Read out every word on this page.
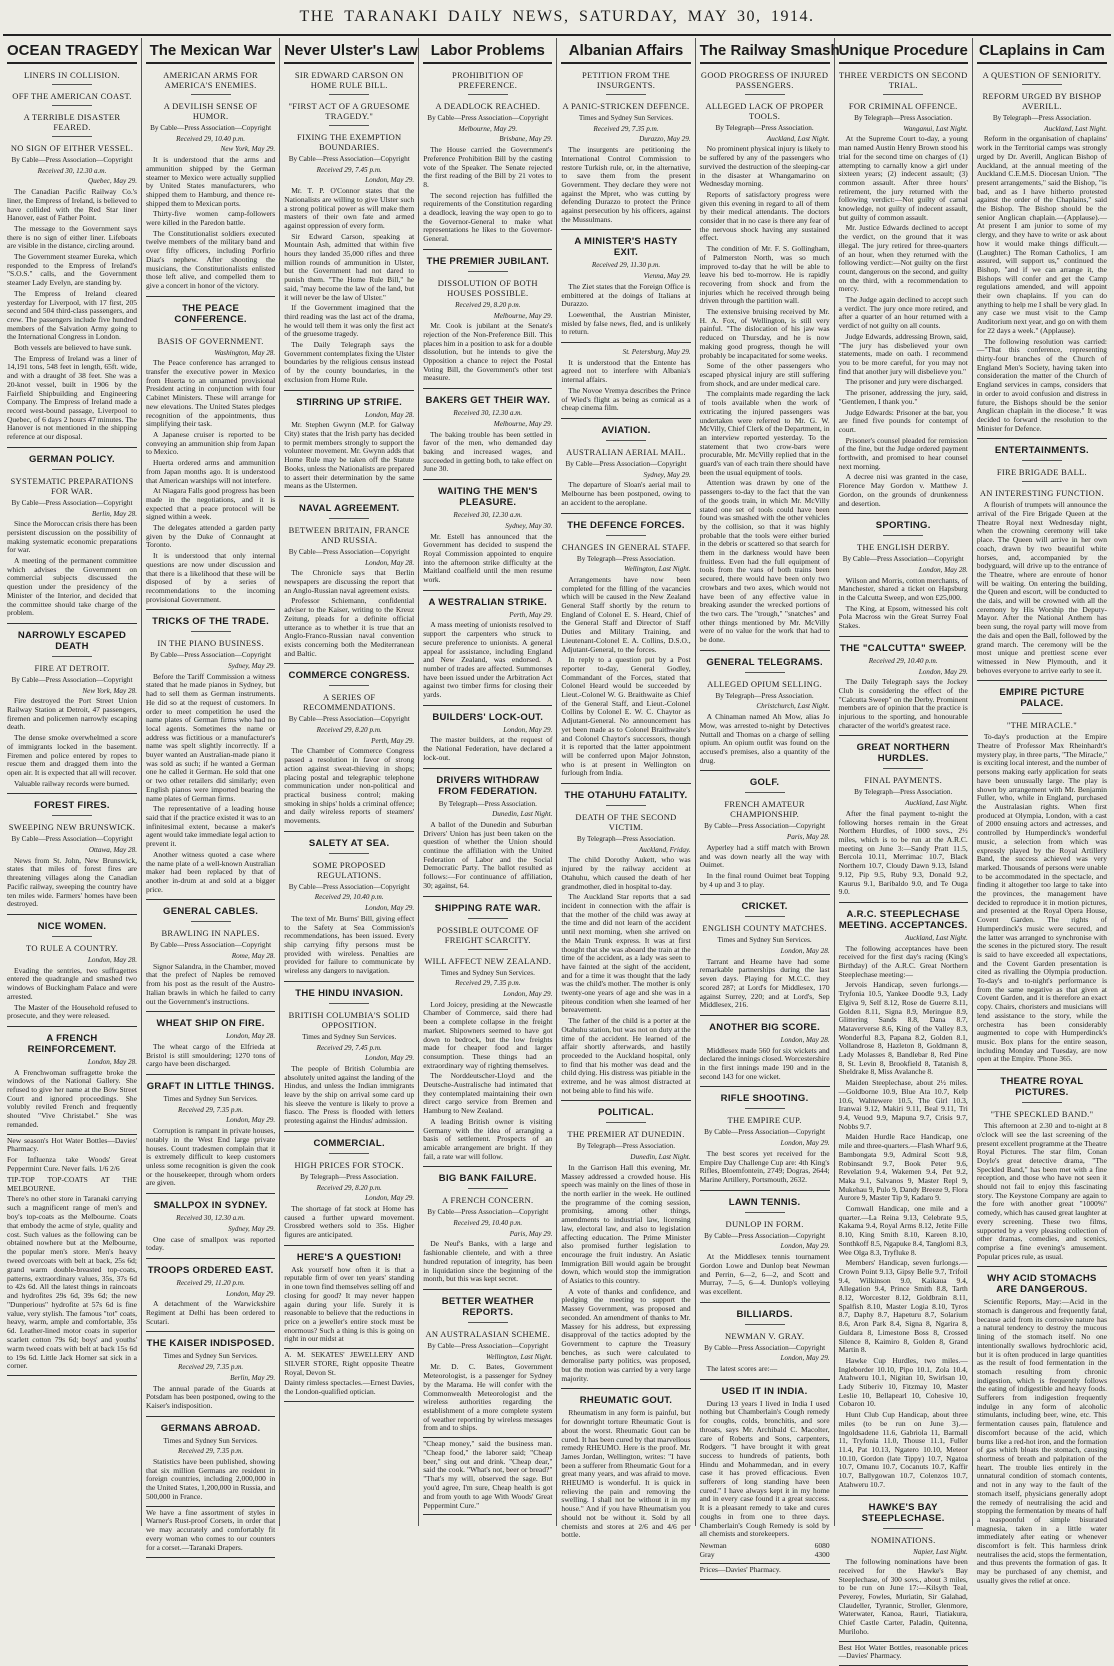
THE TARANAKI DAILY NEWS, SATURDAY, MAY 30, 1914.
OCEAN TRAGEDY
LINERS IN COLLISION.
OFF THE AMERICAN COAST.
A TERRIBLE DISASTER FEARED.
NO SIGN OF EITHER VESSEL.

By Cable—Press Association—Copyright

Received 30, 12.30 a.m.

Quebec, May 29.

The Canadian Pacific Railway Co.'s liner, the Empress of Ireland, is believed to have collided with the Red Star liner Hanover, east of Father Point.

The message to the Government says there is no sign of either liner. Lifeboats are visible in the distance, circling around.

The Government steamer Eureka, which responded to the Empress of Ireland's "S.O.S." calls, and the Government steamer Lady Evelyn, are standing by.

The Empress of Ireland cleared yesterday for Liverpool, with 17 first, 205 second and 504 third-class passengers, and crew. The passengers include five hundred members of the Salvation Army going to the International Congress in London.

Both vessels are believed to have sunk.

The Empress of Ireland was a liner of 14,191 tons, 548 feet in length, 65ft. wide, and with a draught of 38 feet. She was a 20-knot vessel, built in 1906 by the Fairfield Shipbuilding and Engineering Company. The Empress of Ireland made a record west-bound passage, Liverpool to Quebec, of 6 days 2 hours 47 minutes. The Hanover is not mentioned in the shipping reference at our disposal.

GERMAN POLICY.
SYSTEMATIC PREPARATIONS FOR WAR.

By Cable—Press Association—Copyright

Berlin, May 28.

Since the Moroccan crisis there has been persistent discussion on the possibility of making systematic economic preparations for war.

A meeting of the permanent committee which advises the Government on commercial subjects discussed the question under the presidency of the Minister of the Interior, and decided that the committee should take charge of the problem.

NARROWLY ESCAPED DEATH
FIRE AT DETROIT.

By Cable—Press Association—Copyright

New York, May 28.

Fire destroyed the Port Street Union Railway Station at Detroit, 47 passengers, firemen and policemen narrowly escaping death.

The dense smoke overwhelmed a score of immigrants locked in the basement. Firemen and police entered by ropes to rescue them and dragged them into the open air. It is expected that all will recover.

Valuable railway records were burned.

FOREST FIRES.
SWEEPING NEW BRUNSWICK.

By Cable—Press Association—Copyright

Ottawa, May 28.

News from St. John, New Brunswick, states that miles of forest fires are threatening villages along the Canadian Pacific railway, sweeping the country have ten miles wide. Farmers' homes have been destroyed.

NICE WOMEN.
TO RULE A COUNTRY.

London, May 28.

Evading the sentries, two suffragettes entered the quadrangle and smashed two windows of Buckingham Palace and were arrested.

The Master of the Household refused to prosecute, and they were released.

A FRENCH REINFORCEMENT.

London, May 28.

A Frenchwoman suffragette broke the windows of the National Gallery. She refused to give her name at the Bow Street Court and ignored proceedings. She volubly reviled French and frequently shouted "Vive Christabel." She was remanded.

New season's Hot Water Bottles—Davies' Pharmacy.

For Influenza take Woods' Great Peppermint Cure. Never fails. 1/6 2/6

TIP-TOP TOP-COATS AT THE MELBOURNE.

There's no other store in Taranaki carrying such a magnificent range of men's and boy's top-coats as the Melbourne. Coats that embody the acme of style, quality and cost. Such values as the following can be obtained nowhere but at the Melbourne, the popular men's store. Men's heavy tweed overcoats with belt at back, 25s 6d; grand warm double-breasted top-coats, patterns, extraordinary values, 35s, 37s 6d to 42s 6d. All the latest things in raincoats and hydrofites 29s 6d, 39s 6d; the new "Dunperious" hydrofite at 57s 6d is fine value, very stylish. The famous "tot" coats, heavy, warm, ample and comfortable, 35s 6d. Leather-lined motor coats in superior scarlett cotton 79s 6d; boys' and youths' warm tweed coats with belt at back 15s 6d to 19s 6d. Little Jack Horner sat sick in a corner.

The Mexican War
AMERICAN ARMS FOR AMERICA'S ENEMIES.
A DEVILISH SENSE OF HUMOR.

By Cable—Press Association—Copyright

Received 29, 10.40 p.m.

New York, May 29.

It is understood that the arms and ammunition shipped by the German steamer to Mexico were actually supplied by United States manufacturers, who shipped them to Hamburg, and thence re-shipped them to Mexican ports.

Thirty-five women camp-followers were killed in the Paredon battle.

The Constitutionalist soldiers executed twelve members of the military band and over fifty officers, including Porfirio Diaz's nephew. After shooting the musicians, the Constitutionalists enlisted those left alive, and compelled them to give a concert in honor of the victory.

THE PEACE CONFERENCE.
BASIS OF GOVERNMENT.

Washington, May 28.

The Peace conference has arranged to transfer the executive power in Mexico from Huerta to an unnamed provisional President acting in conjunction with four Cabinet Ministers. These will arrange for new elevations. The United States pledges recognition of the appointments, thus simplifying their task.

A Japanese cruiser is reported to be conveying an ammunition ship from Japan to Mexico.

Huerta ordered arms and ammunition from Japan months ago. It is understood that American warships will not interfere.

At Niagara Falls good progress has been made in the negotiations, and it is expected that a peace protocol will be signed within a week.

The delegates attended a garden party given by the Duke of Connaught at Toronto.

It is understood that only internal questions are now under discussion and that there is a likelihood that these will be disposed of by a series of recommendations to the incoming provisional Government.

TRICKS OF THE TRADE.
IN THE PIANO BUSINESS.

By Cable—Press Association—Copyright

Sydney, May 29.

Before the Tariff Commission a witness stated that he made pianos in Sydney, but had to sell them as German instruments. He did so at the request of customers. In order to meet competition he used the name plates of German firms who had no local agents. Sometimes the name or address was fictitious or a manufacturer's name was spelt slightly incorrectly. If a buyer wanted an Australian-made piano it was sold as such; if he wanted a German one he called it German. He sold that one or two other retailers did similarly; even English pianos were imported bearing the name plates of German firms.

The representative of a leading house said that if the practice existed it was to an infinitesimal extent, because a maker's agent would take immediate legal action to prevent it.

Another witness quoted a case where the name plate of a well-known Australian maker had been replaced by that of another in-drum at and sold at a bigger price.

GENERAL CABLES.
BRAWLING IN NAPLES.

By Cable—Press Association—Copyright

Rome, May 28.

Signor Salandra, in the Chamber, moved that the prefect of Naples be removed from his post as the result of the Austro-Italian brawls in which he failed to carry out the Government's instructions.

WHEAT SHIP ON FIRE.

London, May 28.

The wheat cargo of the Elfrieda at Bristol is still smouldering; 1270 tons of cargo have been discharged.

GRAFT IN LITTLE THINGS.

Times and Sydney Sun Services.

Received 29, 7.35 p.m.

London, May 29.

Corruption is rampant in private houses, notably in the West End large private houses. Count tradesmen complain that it is extremely difficult to keep customers unless some recognition is given the cook or the housekeeper, through whom orders are given.

SMALLPOX IN SYDNEY.

Received 30, 12.30 a.m.

Sydney, May 29.

One case of smallpox was reported today.

TROOPS ORDERED EAST.

Received 29, 11.20 p.m.

London, May 29.

A detachment of the Warwickshire Regiment at Delhi has been ordered to Scutari.

THE KAISER INDISPOSED.

Times and Sydney Sun Services.

Received 29, 7.35 p.m.

Berlin, May 29.

The annual parade of the Guards at Potsdam has been postponed, owing to the Kaiser's indisposition.

GERMANS ABROAD.

Times and Sydney Sun Services.

Received 29, 7.35 p.m.

Statistics have been published, showing that six million Germans are resident in foreign countries, including 2,000,000 in the United States, 1,200,000 in Russia, and 500,000 in France.

We have a fine assortment of styles in Warner's Rust-proof Corsets, in order that we may accurately and comfortably fit every woman who comes to our counters for a corset.—Taranaki Drapers.

Never Ulster's Law
SIR EDWARD CARSON ON HOME RULE BILL.
"FIRST ACT OF A GRUESOME TRAGEDY."
FIXING THE EXEMPTION BOUNDARIES.

By Cable—Press Association—Copyright

Received 29, 7.45 p.m.

London, May 29.

Mr. T. P. O'Connor states that the Nationalists are willing to give Ulster such a strong political power as will make them masters of their own fate and armed against oppression of every form.

Sir Edward Carson, speaking at Mountain Ash, admitted that within five hours they landed 35,000 rifles and three million rounds of ammunition in Ulster, but the Government had not dared to punish them. "The Home Rule Bill," he said, "may become the law of the land, but it will never be the law of Ulster."

If the Government imagined that the third reading was the last act of the drama, he would tell them it was only the first act of the gruesome tragedy.

The Daily Telegraph says the Government contemplates fixing the Ulster boundaries by the religious census instead of by the county boundaries, in the exclusion from Home Rule.

STIRRING UP STRIFE.

London, May 28.

Mr. Stephen Gwynn (M.P. for Galway City) states that the Irish party has decided to permit members strongly to support the volunteer movement. Mr. Gwynn adds that Home Rule may be taken off the Statute Books, unless the Nationalists are prepared to assert their determination by the same means as the Ulstermen.

NAVAL AGREEMENT.
BETWEEN BRITAIN, FRANCE AND RUSSIA.

By Cable—Press Association—Copyright

London, May 28.

The Chronicle says that Berlin newspapers are discussing the report that an Anglo-Russian naval agreement exists.

Professor Schiemann, confidential adviser to the Kaiser, writing to the Kreuz Zeitung, pleads for a definite official utterance as to whether it is true that an Anglo-Franco-Russian naval convention exists concerning both the Mediterranean and Baltic.

COMMERCE CONGRESS.
A SERIES OF RECOMMENDATIONS.

By Cable—Press Association—Copyright

Received 29, 8.20 p.m.

Perth, May 29.

The Chamber of Commerce Congress passed a resolution in favor of strong action against sweat-thieving in shops; placing postal and telegraphic telephone communication under non-political and practical business control; making smoking in ships' holds a criminal offence; and daily wireless reports of steamers' movements.

SALETY AT SEA.
SOME PROPOSED REGULATIONS.

By Cable—Press Association—Copyright

Received 29, 10.40 p.m.

London, May 29.

The text of Mr. Burns' Bill, giving effect to the Safety at Sea Commission's recommendations, has been issued. Every ship carrying fifty persons must be provided with wireless. Penalties are provided for failure to communicate by wireless any dangers to navigation.

THE HINDU INVASION.
BRITISH COLUMBIA'S SOLID OPPOSITION.

Times and Sydney Sun Services.

Received 29, 7.45 p.m.

London, May 29.

The people of British Columbia are absolutely united against the landing of the Hindus, and unless the Indian immigrants leave by the ship on arrival some card up his sleeve the venture is likely to prove a fiasco. The Press is flooded with letters protesting against the Hindus' admission.

COMMERCIAL.
HIGH PRICES FOR STOCK.

By Telegraph—Press Association.

Received 29, 8.20 p.m.

London, May 29.

The shortage of fat stock at Home has caused a further upward movement. Crossbred wethers sold to 35s. Higher figures are anticipated.

HERE'S A QUESTION!

Ask yourself how often it is that a reputable firm of over ten years' standing in one town find themselves selling off and closing for good? It may never happen again during your life. Surely it is reasonable to believe that the reductions in price on a jeweller's entire stock must be enormous? Such a thing is this is going on right in our midst at

A. M. SEKATES' JEWELLERY AND SILVER STORE, Right opposite Theatre Royal, Devon St.

Dainty rimless spectacles.—Ernest Davies, the London-qualified optician.

Labor Problems
PROHIBITION OF PREFERENCE.
A DEADLOCK REACHED.

By Cable—Press Association—Copyright

Melbourne, May 29.

Brisbane, May 29.

The House carried the Government's Preference Prohibition Bill by the casting vote of the Speaker. The Senate rejected the first reading of the Bill by 21 votes to 8.

The second rejection has fulfilled the requirements of the Constitution regarding a deadlock, leaving the way open to go to the Governor-General to make what representations he likes to the Governor-General.

THE PREMIER JUBILANT.
DISSOLUTION OF BOTH HOUSES POSSIBLE.

Received 29, 8.20 p.m.

Melbourne, May 29.

Mr. Cook is jubilant at the Senate's rejection of the Non-Preference Bill. This places him in a position to ask for a double dissolution, but he intends to give the Opposition a chance to reject the Postal Voting Bill, the Government's other test measure.

BAKERS GET THEIR WAY.

Received 30, 12.30 a.m.

Melbourne, May 29.

The baking trouble has been settled in favor of the men, who demanded day baking and increased wages, and succeeded in getting both, to take effect on June 30.

WAITING THE MEN'S PLEASURE.

Received 30, 12.30 a.m.

Sydney, May 30.

Mr. Estell has announced that the Government has decided to suspend the Royal Commission appointed to enquire into the afternoon strike difficulty at the Maitland coalfield until the men resume work.

A WESTRALIAN STRIKE.

Perth, May 29.

A mass meeting of unionists resolved to support the carpenters who struck to secure preference to unionists. A general appeal for assistance, including England and New Zealand, was endorsed. A number of trades are affected. Summonses have been issued under the Arbitration Act against two timber firms for closing their yards.

BUILDERS' LOCK-OUT.

London, May 29.

The master builders, at the request of the National Federation, have declared a lock-out.

DRIVERS WITHDRAW FROM FEDERATION.

By Telegraph—Press Association.

Dunedin, Last Night.

A ballot of the Dunedin and Suburban Drivers' Union has just been taken on the question of whether the Union should continue the affiliation with the United Federation of Labor and the Social Democratic Party. The ballot resulted as follows:—For continuance of affiliation, 30; against, 64.

SHIPPING RATE WAR.
POSSIBLE OUTCOME OF FREIGHT SCARCITY.
WILL AFFECT NEW ZEALAND.

Times and Sydney Sun Services.

Received 29, 7.35 p.m.

London, May 29.

Lord Joicey, presiding at the Newcastle Chamber of Commerce, said there had been a complete collapse in the freight market. Shipowners seemed to have got down to bedrock, but the low freights made for cheaper food and larger consumption. These things had an extraordinary way of righting themselves.

The Norddeutscher-Lloyd and the Deutsche-Australische had intimated that they contemplated maintaining their own direct cargo service from Bremen and Hamburg to New Zealand.

A leading British owner is visiting Germany with the idea of arranging a basis of settlement. Prospects of an amicable arrangement are bright. If they fail, a rate war will follow.

BIG BANK FAILURE.
A FRENCH CONCERN.

By Cable—Press Association—Copyright

Received 29, 10.40 p.m.

Paris, May 29.

De Neuf's Banks, with a large and fashionable clientele, and with a three hundred reputation of integrity, has been in liquidation since the beginning of the month, but this was kept secret.

BETTER WEATHER REPORTS.
AN AUSTRALASIAN SCHEME.

By Cable—Press Association—Copyright

Wellington, Last Night.

Mr. D. C. Bates, Government Meteorologist, is a passenger for Sydney by the Marama. He will confer with the Commonwealth Meteorologist and the wireless authorities regarding the establishment of a more complete system of weather reporting by wireless messages from and to ships.

"Cheap money," said the business man. "Cheap food," the laborer said; "Cheap beer," sing out and drink. "Cheap dear," said the cook. "What's not, beer or bread?" "That's my will, observed the sage. But you'd agree, I'm sure, Cheap health is got and from youth to age With Woods' Great Peppermint Cure."

Albanian Affairs
PETITION FROM THE INSURGENTS.
A PANIC-STRICKEN DEFENCE.

Times and Sydney Sun Services.

Received 29, 7.35 p.m.

Durazzo, May 29.

The insurgents are petitioning the International Control Commission to restore Turkish rule, or, in the alternative, to save them from the present Government. They declare they were not against the Mpret, who was cutting by defending Durazzo to protect the Prince against persecution by his officers, against the Mussulmans.

A MINISTER'S HASTY EXIT.

Received 29, 11.30 p.m.

Vienna, May 29.

The Ziet states that the Foreign Office is embittered at the doings of Italians at Durazzo.

Loewenthal, the Austrian Minister, misled by false news, fled, and is unlikely to return.

St. Petersburg, May 29.

It is understood that the Entente has agreed not to interfere with Albania's internal affairs.

The Novoe Vremya describes the Prince of Wied's flight as being as comical as a cheap cinema film.

AVIATION.
AUSTRALIAN AERIAL MAIL.

By Cable—Press Association—Copyright

Sydney, May 29.

The departure of Sloan's aerial mail to Melbourne has been postponed, owing to an accident to the aeroplane.

THE DEFENCE FORCES.
CHANGES IN GENERAL STAFF.

By Telegraph—Press Association.

Wellington, Last Night.

Arrangements have now been completed for the filling of the vacancies which will be caused in the New Zealand General Staff shortly by the return to England of Colonel E. S. Heard, Chief of the General Staff and Director of Staff Duties and Military Training, and Lieutenant-Colonel E. A. Collins, D.S.O., Adjutant-General, to the forces.

In reply to a question put by a Post reporter to-day, General Godley, Commandant of the Forces, stated that Colonel Heard would be succeeded by Lieut.-Colonel W. G. Braithwaite as Chief of the General Staff, and Lieut.-Colonel Collins by Colonel E. W. C. Chaytor as Adjutant-General. No announcement has yet been made as to Colonel Braithwaite's and Colonel Chaytor's successors, though it is reported that the latter appointment will be conferred upon Major Johnston, who is at present in Wellington on furlough from India.

THE OTAHUHU FATALITY.
DEATH OF THE SECOND VICTIM.

By Telegraph—Press Association.

Auckland, Friday.

The child Dorothy Aukett, who was injured by the railway accident at Otahuhu, which caused the death of her grandmother, died in hospital to-day.

The Auckland Star reports that a sad incident in connection with the affair is that the mother of the child was away at the time and did not learn of the accident until next morning, when she arrived on the Main Trunk express. It was at first thought that she was aboard the train at the time of the accident, as a lady was seen to have fainted at the sight of the accident, and for a time it was thought that the lady was the child's mother. The mother is only twenty-one years of age and she was in a piteous condition when she learned of her bereavement.

The father of the child is a porter at the Otahuhu station, but was not on duty at the time of the accident. He learned of the affair shortly afterwards, and hastily proceeded to the Auckland hospital, only to find that his mother was dead and the child dying. His distress was pitiable in the extreme, and he was almost distracted at not being able to find his wife.

POLITICAL.
THE PREMIER AT DUNEDIN.

By Telegraph—Press Association.

Dunedin, Last Night.

In the Garrison Hall this evening, Mr. Massey addressed a crowded house. His speech was mainly on the lines of those in the north earlier in the week. He outlined the programme of the coming session, promising, among other things, amendments to industrial law, licensing law, electoral law, and also to legislation affecting education. The Prime Minister also promised further legislation to encourage the fruit industry. An Asiatic Immigration Bill would again be brought down, which would stop the immigration of Asiatics to this country.

A vote of thanks and confidence, and pledging the meeting to support the Massey Government, was proposed and seconded. An amendment of thanks to Mr. Massey for his address, but expressing disapproval of the tactics adopted by the Government to capture the Treasury benches, as such were calculated to demoralise party politics, was proposed, but the motion was carried by a very large majority.

RHEUMATIC GOUT.

Rheumatism in any form is painful, but for downright torture Rheumatic Gout is about the worst. Rheumatic Gout can be cured. It has been cured by that marvellous remedy RHEUMO. Here is the proof. Mr. James Jordan, Wellington, writes: "I have been a sufferer from Rheumatic Gout for a great many years, and was afraid to move. RHEUMO is wonderful. It is quick in relieving the pain and removing the swelling. I shall not be without it in my house." And if you have Rheumatism you should not be without it. Sold by all chemists and stores at 2/6 and 4/6 per bottle.

The Railway Smash
GOOD PROGRESS OF INJURED PASSENGERS.
ALLEGED LACK OF PROPER TOOLS.

By Telegraph—Press Association.

Auckland, Last Night.

No prominent physical injury is likely to be suffered by any of the passengers who survived the destruction of the sleeping-car in the disaster at Whangamarino on Wednesday morning.

Reports of satisfactory progress were given this evening in regard to all of them by their medical attendants. The doctors consider that in no case is there any fear of the nervous shock having any sustained effect.

The condition of Mr. F. S. Gollingham, of Palmerston North, was so much improved to-day that he will be able to leave his bed to-morrow. He is rapidly recovering from shock and from the injuries which he received through being driven through the partition wall.

The extensive bruising received by Mr. H. A. Fox, of Wellington, is still very painful. "The dislocation of his jaw was reduced on Thursday, and he is now making good progress, though he will probably be incapacitated for some weeks.

Some of the other passengers who escaped physical injury are still suffering from shock, and are under medical care.

The complaints made regarding the lack of tools available when the work of extricating the injured passengers was undertaken were referred to Mr. G. W. McVilly, Chief Clerk of the Department, in an interview reported yesterday. To the statement that two crow-bars were procurable, Mr. McVilly replied that in the guard's van of each train there should have been the usual equipment of tools.

Attention was drawn by one of the passengers to-day to the fact that the van of the goods train, in which Mr. McVilly stated one set of tools could have been found was smashed with the other vehicles by the collision, so that it was highly probable that the tools were either buried in the debris or scattered so that search for them in the darkness would have been fruitless. Even had the full equipment of tools from the vans of both trains been secured, there would have been only two crowbars and two axes, which would not have been of any effective value in breaking asunder the wrecked portions of the two cars. The "trough," "snatches" and other things mentioned by Mr. McVilly were of no value for the work that had to be done.

GENERAL TELEGRAMS.
ALLEGED OPIUM SELLING.

By Telegraph—Press Association.

Christchurch, Last Night.

A Chinaman named Ah Mow, alias Jo Mow, was arrested to-night by Detectives Nuttall and Thomas on a charge of selling opium. An opium outfit was found on the accused's premises, also a quantity of the drug.

GOLF.
FRENCH AMATEUR CHAMPIONSHIP.

By Cable—Press Association—Copyright

Paris, May 28.

Ayperley had a stiff match with Brown and was down nearly all the way with Ouimet.

In the final round Ouimet beat Topping by 4 up and 3 to play.

CRICKET.
ENGLISH COUNTY MATCHES.

Times and Sydney Sun Services.

London, May 28.

Tarrant and Hearne have had some remarkable partnerships during the last seven days. Playing for M.C.C. they scored 287; at Lord's for Middlesex, 170 against Surrey, 220; and at Lord's, Sep Middlesex, 216.

ANOTHER BIG SCORE.

London, May 28.

Middlesex made 560 for six wickets and declared the innings closed. Worcestershire in the first innings made 190 and in the second 143 for one wicket.

RIFLE SHOOTING.
THE EMPIRE CUP.

By Cable—Press Association—Copyright

London, May 29.

The best scores yet received for the Empire Day Challenge Cup are: 4th King's Rifles, Bloemfontein, 2749; Dogras, 2644; Marine Artillery, Portsmouth, 2632.

LAWN TENNIS.
DUNLOP IN FORM.

By Cable—Press Association—Copyright

London, May 29.

At the Middlesex tennis tournament Gordon Lowe and Dunlop beat Newman and Perrin, 6—2, 6—2, and Scott and Murray, 7—5, 6—4. Dunlop's volleying was excellent.

BILLIARDS.
NEWMAN V. GRAY.

By Cable—Press Association—Copyright

London, May 29.

The latest scores are:—

USED IT IN INDIA.

During 13 years I lived in India I used nothing but Chamberlain's Cough remedy for coughs, colds, bronchitis, and sore throats, says Mr. Archibald C. Macolter, care of Roberts and Sons, carpenters, Rodgers. "I have brought it with great success to hundreds of patients, both Hindu and Mohammedan, and in every case it has proved efficacious. Even sufferers of long standing have been cured." I have always kept it in my home and in every case found it a great success. It is a pleasant remedy to take and cures coughs in from one to three days. Chamberlain's Cough Remedy is sold by all chemists and storekeepers.

Newman	6080
Gray	4300

Prices—Davies' Pharmacy.

Unique Procedure
THREE VERDICTS ON SECOND TRIAL.
FOR CRIMINAL OFFENCE.

By Telegraph—Press Association.

Wanganui, Last Night.

At the Supreme Court to-day, a young man named Austin Henry Brown stood his trial for the second time on charges of (1) attempting to carnally know a girl under sixteen years; (2) indecent assault; (3) common assault. After three hours' retirement, the jury returned with the following verdict:—Not guilty of carnal knowledge, not guilty of indecent assault, but guilty of common assault.

Mr. Justice Edwards declined to accept the verdict, on the ground that it was illegal. The jury retired for three-quarters of an hour, when they returned with the following verdict:—Not guilty on the first count, dangerous on the second, and guilty on the third, with a recommendation to mercy.

The Judge again declined to accept such a verdict. The jury once more retired, and after a quarter of an hour returned with a verdict of not guilty on all counts.

Judge Edwards, addressing Brown, said, "The jury has disbelieved your own statements, made on oath. I recommend you to be more careful, for you may not find that another jury will disbelieve you."

The prisoner and jury were discharged.

The prisoner, addressing the jury, said, "Gentlemen, I thank you."

Judge Edwards: Prisoner at the bar, you are fined five pounds for contempt of court.

Prisoner's counsel pleaded for remission of the fine, but the Judge ordered payment forthwith, and promised to hear counsel next morning.

A decree nisi was granted in the case, Florence May Gordon v. Matthew J. Gordon, on the grounds of drunkenness and desertion.

SPORTING.
THE ENGLISH DERBY.

By Cable—Press Association—Copyright

London, May 28.

Wilson and Morris, cotton merchants, of Manchester, shared a ticket on Hapsburg in the Calcutta Sweep, and won £25,000.

The King, at Epsom, witnessed his colt Pola Macross win the Great Surrey Foal Stakes.

THE "CALCUTTA" SWEEP.

Received 29, 10.40 p.m.

London, May 29.

The Daily Telegraph says the Jockey Club is considering the effect of the "Calcutta Sweep" on the Derby. Prominent members are of opinion that the practice is injurious to the sporting, and honourable character of the world's greatest race.

GREAT NORTHERN HURDLES.
FINAL PAYMENTS.

By Telegraph—Press Association.

Auckland, Last Night.

After the final payment to-night the following horses remain in the Great Northern Hurdles, of 1000 sovs., 2½ miles, which is to be run at the A.R.C. meeting on June 3:—Sandy Pratt 11.5, Bercola 10.11, Merrimac 10.7, Black Northern 10.7, Cloudy Dawn 9.13, Island 9.12, Pip 9.5, Ruby 9.3, Donald 9.2, Kaurus 9.1, Baribaldo 9.0, and Te Ouga 9.0.

A.R.C. STEEPLECHASE MEETING. ACCEPTANCES.

Auckland, Last Night.

The following acceptances have been received for the first day's racing (King's Birthday) of the A.R.C. Great Northern Steeplechase meeting:—

Jervois Handicap, seven furlongs.—Tryfonia 10.5, Yankee Doodle 9.3, Lady Elgiva 9, Self 8.12, Rose de Guerre 8.11, Golden 8.11, Signa 8.9, Meringue 8.9, Glittering Sands 8.8, Dana 8.7, Mataververse 8.6, King of the Valley 8.3, Wonderful 8.3, Papana 8.2, Golden 8.1, Vollandrose 8, Hazleton 8, Goldmann 8, Lady Molasses 8, Bandlebar 8, Red Pine 8, St. Levin 8, Brookfield 8, Tatanish 8, Sheldrake 8, Miss Avalanche 8.

Maiden Steeplechase, about 2½ miles.—Goldborne 10.9, Blue Ata 10.7, Kelp 10.6, Wahtewere 10.5, The Girl 10.3, Iranwai 9.12, Makiri 9.11, Beal 9.11, Tri 9.4, Veuod 9.9, Mapuna 9.7, Crisis 9.7, Nobbs 9.7.

Maiden Hurdle Race Handicap, one mile and three-quarters.—Flash Wharf 9.6, Bambongata 9.9, Admiral Scott 9.8, Robinsandt 9.7, Book Peter 9.6, Revelation 9.4, Wakemen 9.4, Pet 9.2, Maka 9.1, Salvanos 9, Master Repl 9, Mukehau 9, Pulo 9, Dandy Breeze 9, Flora Aurore 9, Master Tip 9, Kadaro 9.

Cornwall Handicap, one mile and a quarter.—La Reina 9.13, Celebrate 9.5, Kakama 9.4, Royal Arms 8.12, Jetite Fille 8.10, King Smith 8.10, Kareen 8.10, Sonthkoff 8.5, Ngapuke 8.4, Tanglomi 8.3, Wee Olga 8.3, Tryfluke 8.

Members' Handicap, seven furlongs.—Crown Point 9.13, Gipsy Belle 9.7, Trifoil 9.4, Wilkinson 9.0, Kaikaua 9.4, Allegation 9.4, Prince Smith 8.8, Tarth 8.12, Worcester 8.12, Goldbrain 8.11, Spalfish 8.10, Master Logia 8.10, Tyros 8.7, Daphy 8.7, Hapeturu 8.7, Solarium 8.6, Aron Park 8.4, Signa 8, Ngarira 8, Guldara 8, Limestone Boss 8, Crossed Silence 8, Kaimiro 8, Golden 8, Grand Martin 8.

Hawke Cup Hurdles, two miles.—Ingleborder 10.10, Pipo 10.1, Zola 10.4, Atahweru 10.1, Nigitan 10, Swirlsan 10, Lady Stiberiv 10, Fitzmay 10, Master Leslie 10, Bellapearl 10, Cohesive 10, Cobaron 10.

Hunt Club Cup Handicap, about three miles (to be run on June 3).—Ingoldsadene 11.6, Gabriola 11, Barmall 11, Tryfonia 11.0, Thouse 11.1, Fuller 11.4, Pat 10.13, Ngatero 10.10, Meteor 10.10, Gordon (late Tippy) 10.7, Ngatoa 10.7, Omanu 10.7, Cocanuts 10.7, Kaffir 10.7, Ballygowan 10.7, Colenzos 10.7, Atahweru 10.7.

HAWKE'S BAY STEEPLECHASE.
NOMINATIONS.

Napier, Last Night.

The following nominations have been received for the Hawke's Bay Steeplechase, of 300 sovs., about 3 miles, to be run on June 17:—Kilsyth Teal, Peverey, Fowles, Muriatin, Sir Galahad, Claudeller, Tyrannic, Stroller, Glenmore, Waterwater, Kanoa, Rauri, Tiatiakura, Chief Castle Carter, Paladin, Quitenna, Muriloho.

Best Hot Water Bottles, reasonable prices—Davies' Pharmacy.

CLaplains in Cam
A QUESTION OF SENIORITY.
REFORM URGED BY BISHOP AVERILL.

By Telegraph—Press Association.

Auckland, Last Night.

Reform in the organisation of chaplains' work in the Territorial camps was strongly urged by Dr. Averill, Anglican Bishop of Auckland, at the annual meeting of the Auckland C.E.M.S. Diocesan Union. "The present arrangements," said the Bishop, "is bad, and as I have hitherto protested against the order of the Chaplains," said the Bishop. The Bishop should be the senior Anglican chaplain.—(Applause).—At present I am junior to some of my clergy, and they have to write or ask about how it would make things difficult.—(Laughter.) The Roman Catholics, I am assured, will support us," continued the Bishop, "and if we can arrange it, the Bishops will confer and get the Camp regulations amended, and will appoint their own chaplains. If you can do anything to help me I shall be very glad. In any case we must visit to the Camp Auditorium next year, and go on with them for 22 days a week." (Applause).

The following resolution was carried:—"That this conference, representing thirty-four branches of the Church of England Men's Society, having taken into consideration the matter of the Church of England services in camps, considers that in order to avoid confusion and distress in future, the Bishops should be the senior Anglican chaplain in the diocese." It was decided to forward the resolution to the Minister for Defence.

ENTERTAINMENTS.
FIRE BRIGADE BALL.
AN INTERESTING FUNCTION.

A flourish of trumpets will announce the arrival of the Fire Brigade Queen at the Theatre Royal next Wednesday night, when the crowning ceremony will take place. The Queen will arrive in her own coach, drawn by two beautiful white horses, and, accompanied by the bodyguard, will drive up to the entrance of the Theatre, where are enroute of honor will be waiting. On entering the building, the Queen and escort, will be conducted to the dais, and will be crowned with all the ceremony by His Worship the Deputy-Mayor. After the National Anthem has been sung, the royal party will move from the dais and open the Ball, followed by the grand march. The ceremony will be the most unique and prettiest scene ever witnessed in New Plymouth, and it behoves everyone to arrive early to see it.

EMPIRE PICTURE PALACE.
"THE MIRACLE."

To-day's production at the Empire Theatre of Professor Max Rheinhardt's mystery play, in three parts, "The Miracle," is exciting local interest, and the number of persons making early application for seats have been unusually large. The play is shown by arrangement with Mr. Benjamin Fuller, who, while in England, purchased the Australasian rights. When first produced at Olympia, London, with a cast of 2000 ensuing actors and actresses, and controlled by Humperdinck's wonderful music, a selection from which was expressly played by the Royal Artillery Band, the success achieved was very marked. Thousands of persons were unable to be accommodated in the spectacle, and finding it altogether too large to take into the provinces, the management have decided to reproduce it in motion pictures, and presented at the Royal Opera House, Covent Garden. The rights of Humperdinck's music were secured, and the latter was arranged to synchronise with the scenes in the pictured story. The result is said to have exceeded all expectations, and the Covent Garden presentation is cited as rivalling the Olympia production. To-day's and to-night's performance is from the same negative as that given at Covent Garden, and it is therefore an exact copy. Chairs, choristers and musicians will lend assistance to the story, while the orchestra has been considerably augmented to cope with Humperdinck's music. Box plans for the entire season, including Monday and Tuesday, are now open at the Empire. 'Phone 365.

THEATRE ROYAL PICTURES.
"THE SPECKLED BAND."

This afternoon at 2.30 and to-night at 8 o'clock will see the last screening of the present excellent programme at the Theatre Royal Pictures. The star film, Conan Doyle's great detective drama, "The Speckled Band," has been met with a fine reception, and those who have not seen it should not fail to enjoy this fascinating story. The Keystone Company are again to the fore with another great "1000%" comedy, which has caused great laughter at every screening. These two films, supported by a very pleasing collection of other dramas, comedies, and scenics, comprise a fine evening's amusement. Popular prices rule, as usual.

WHY ACID STOMACHS ARE DANGEROUS.

Scientific Reports, May:—Acid in the stomach is dangerous and frequently fatal, because acid from its corrosive nature has a natural tendency to destroy the mucous lining of the stomach itself. No one intentionally swallows hydrochloric acid, but it is often produced in large quantities as the result of food fermentation in the stomach resulting from chronic indigestion, which is frequently follows the eating of indigestible and heavy foods. Sufferers from indigestion frequently indulge in any form of alcoholic stimulants, including beer, wine, etc. This fermentation causes pain, flatulence and discomfort because of the acid, which burns like a red-hot iron, and the formation of gas which bloats the stomach, causing shortness of breath and palpitation of the heart. The trouble lies entirely in the unnatural condition of stomach contents, and not in any way to the fault of the stomach itself, physicians generally adopt the remedy of neutralising the acid and stopping the fermentation by means of half a teaspoonful of simple bisurated magnesia, taken in a little water immediately after eating or whenever discomfort is felt. This harmless drink neutralises the acid, stops the fermentation, and thus prevents the formation of gas. It may be purchased of any chemist, and usually gives the relief at once.
